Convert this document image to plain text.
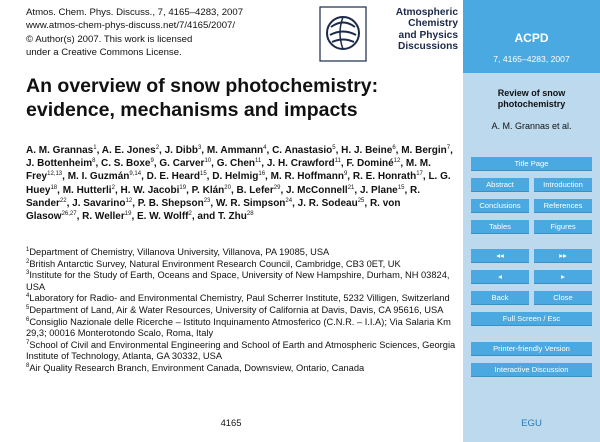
Atmos. Chem. Phys. Discuss., 7, 4165–4283, 2007
www.atmos-chem-phys-discuss.net/7/4165/2007/
© Author(s) 2007. This work is licensed
under a Creative Commons License.
Atmospheric
Chemistry
and Physics
Discussions
An overview of snow photochemistry:
evidence, mechanisms and impacts
A. M. Grannas$^1$, A. E. Jones$^2$, J. Dibb$^3$, M. Ammann$^4$, C. Anastasio$^5$, H. J. Beine$^6$, M. Bergin$^7$, J. Bottenheim$^8$, C. S. Boxe$^9$, G. Carver$^{10}$, G. Chen$^{11}$, J. H. Crawford$^{11}$, F. Dominé$^{12}$, M. M. Frey$^{12,13}$, M. I. Guzmán$^{9,14}$, D. E. Heard$^{15}$, D. Helmig$^{16}$, M. R. Hoffmann$^9$, R. E. Honrath$^{17}$, L. G. Huey$^{18}$, M. Hutterli$^2$, H. W. Jacobi$^{19}$, P. Klán$^{20}$, B. Lefer$^{29}$, J. McConnell$^{21}$, J. Plane$^{15}$, R. Sander$^{22}$, J. Savarino$^{12}$, P. B. Shepson$^{23}$, W. R. Simpson$^{24}$, J. R. Sodeau$^{25}$, R. von Glasow$^{26,27}$, R. Weller$^{19}$, E. W. Wolff$^2$, and T. Zhu$^{28}$

$^1$Department of Chemistry, Villanova University, Villanova, PA 19085, USA

$^2$British Antarctic Survey, Natural Environment Research Council, Cambridge, CB3 0ET, UK

$^3$Institute for the Study of Earth, Oceans and Space, University of New Hampshire, Durham, NH 03824, USA

$^4$Laboratory for Radio- and Environmental Chemistry, Paul Scherrer Institute, 5232 Villigen, Switzerland

$^5$Department of Land, Air & Water Resources, University of California at Davis, Davis, CA 95616, USA

$^6$Consiglio Nazionale delle Ricerche – Istituto Inquinamento Atmosferico (C.N.R. – I.I.A); Via Salaria Km 29,3; 00016 Monterotondo Scalo, Roma, Italy

$^7$School of Civil and Environmental Engineering and School of Earth and Atmospheric Sciences, Georgia Institute of Technology, Atlanta, GA 30332, USA

$^8$Air Quality Research Branch, Environment Canada, Downsview, Ontario, Canada

4165
ACPD
7, 4165–4283, 2007
Review of snow photochemistry
A. M. Grannas et al.
Title Page
Abstract	Introduction
Conclusions	References
Tables	Figures
◂◂	▸▸
◂	▸
Back	Close
Full Screen / Esc
Printer-friendly Version
Interactive Discussion
EGU
